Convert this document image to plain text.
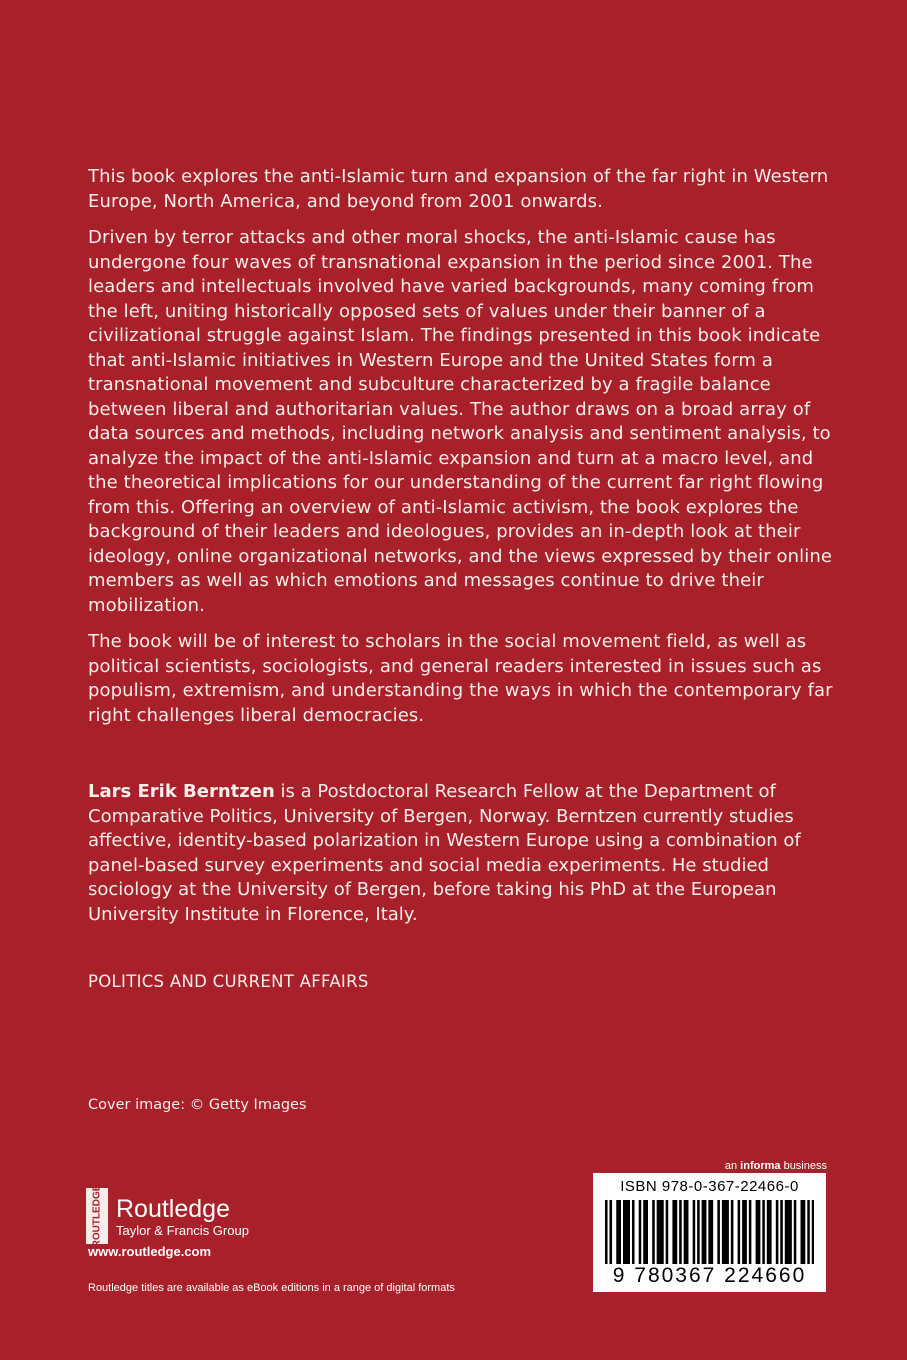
This book explores the anti-Islamic turn and expansion of the far right in Western Europe, North America, and beyond from 2001 onwards.

Driven by terror attacks and other moral shocks, the anti-Islamic cause has undergone four waves of transnational expansion in the period since 2001. The leaders and intellectuals involved have varied backgrounds, many coming from the left, uniting historically opposed sets of values under their banner of a civilizational struggle against Islam. The findings presented in this book indicate that anti-Islamic initiatives in Western Europe and the United States form a transnational movement and subculture characterized by a fragile balance between liberal and authoritarian values. The author draws on a broad array of data sources and methods, including network analysis and sentiment analysis, to analyze the impact of the anti-Islamic expansion and turn at a macro level, and the theoretical implications for our understanding of the current far right flowing from this. Offering an overview of anti-Islamic activism, the book explores the background of their leaders and ideologues, provides an in-depth look at their ideology, online organizational networks, and the views expressed by their online members as well as which emotions and messages continue to drive their mobilization.

The book will be of interest to scholars in the social movement field, as well as political scientists, sociologists, and general readers interested in issues such as populism, extremism, and understanding the ways in which the contemporary far right challenges liberal democracies.

Lars Erik Berntzen is a Postdoctoral Research Fellow at the Department of Comparative Politics, University of Bergen, Norway. Berntzen currently studies affective, identity-based polarization in Western Europe using a combination of panel-based survey experiments and social media experiments. He studied sociology at the University of Bergen, before taking his PhD at the European University Institute in Florence, Italy.
POLITICS AND CURRENT AFFAIRS
Cover image: © Getty Images
an informa business
ROUTLEDGE Routledge
Taylor & Francis Group
www.routledge.com
Routledge titles are available as eBook editions in a range of digital formats
ISBN 978-0-367-22466-0
9 780367 224660
